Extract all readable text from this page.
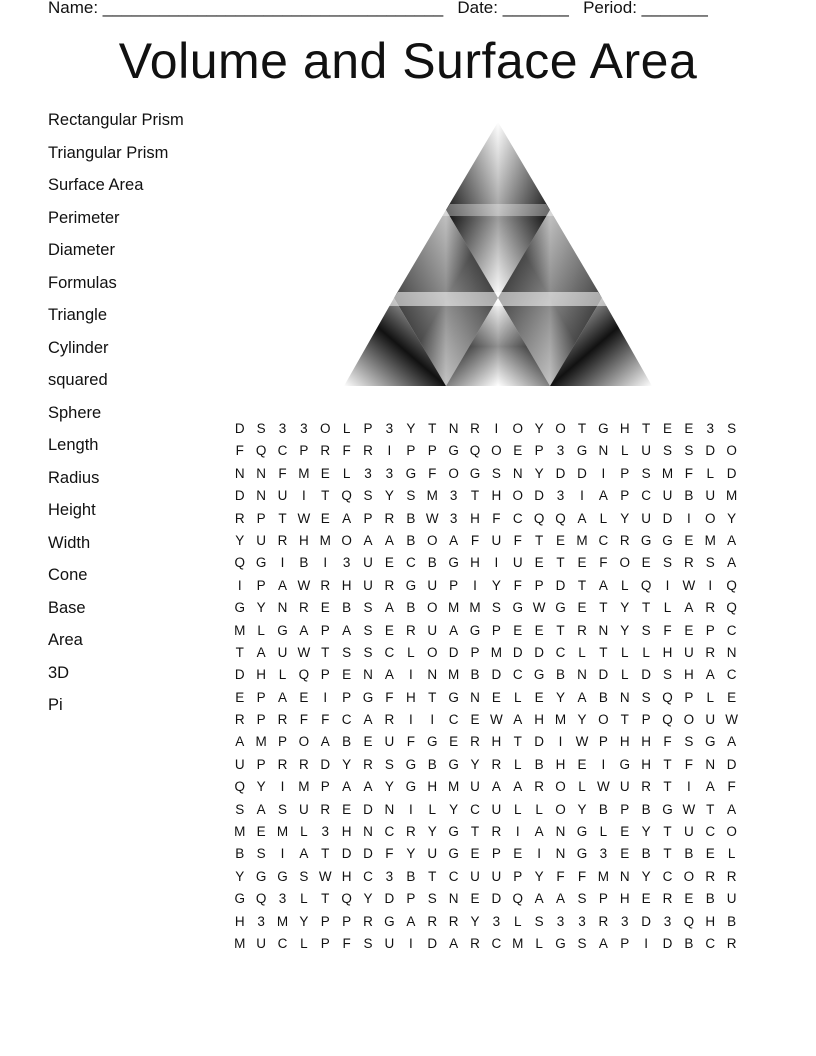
Name: ____________________________________ Date: _______ Period: _______
Volume and Surface Area
Rectangular Prism
Triangular Prism
Surface Area
Perimeter
Diameter
Formulas
Triangle
Cylinder
squared
Sphere
Length
Radius
Height
Width
Cone
Base
Area
3D
Pi
D S 3	3 O L P 3 Y T N R	I	O Y O T G H T E E 3 S
F Q C P R F R	I	P P G Q O E P 3 G N L U S S D O
N N F M E L	3	3 G F O G S N Y D D	I	P S M F	L D
D N U	I	T Q S Y S M 3	T H O D 3	I	A P C U B U M
R P T W E A P R B W 3 H F C Q Q A L Y U D	I	O Y
Y U R H M O A A B O A F U F T E M C R G G E M A
Q G	I	B	I	3 U E C B G H	I	U E T E F O E S R S A
I	P A W R H U R G U P	I	Y F P D T A L Q	I W I	Q
G Y N R E B S A B O M M S G W G E T Y T	L A R Q
M L G A P A S E R U A G P E E T R N Y S F E P C
T A U W T S S C L O D P M D D C L	T	L	L H U R N
D H L Q P E N A	I	N M B D C G B N D L D S H A C
E P A E	I	P G F H T G N E L E Y A B N S Q P L E
R P R F F C A R	I	I	C E W A H M Y O T P Q O U W
A M P O A B E U F G E R H T D	I W P H H F S G A
U P R R D Y R S G B G Y R L B H E	I	G H T F N D
Q Y	I	M P A A Y G H M U A A R O L W U R T	I	A F
S A S U R E D N	I	L Y C U L	L O Y B P B G W T A
M E M L	3 H N C R Y G T R	I	A N G L E Y T U C O
B S	I	A T D D F Y U G E P E	I	N G 3 E B T B E L
Y G G S W H C 3 B T C U U P Y F F M N Y C O R R
G Q 3	L	T Q Y D P S N E D Q A A S P H E R E B U
H 3 M Y P P R G A R R Y 3	L S 3	3 R 3 D 3 Q H B
M U C L P F S U	I	D A R C M L G S A P	I	D B C R
